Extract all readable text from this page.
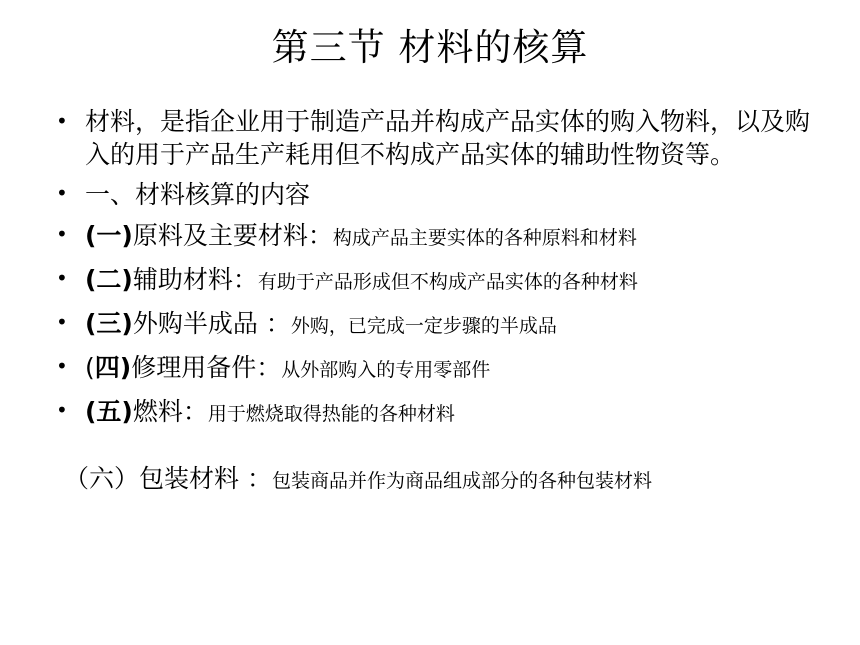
第三节 材料的核算
• 材料，是指企业用于制造产品并构成产品实体的购入物料，以及购入的用于产品生产耗用但不构成产品实体的辅助性物资等。
• 一、材料核算的内容
• (一)原料及主要材料：构成产品主要实体的各种原料和材料
• (二)辅助材料：有助于产品形成但不构成产品实体的各种材料
• (三)外购半成品 ：外购，已完成一定步骤的半成品
• (四)修理用备件：从外部购入的专用零部件
• (五)燃料：用于燃烧取得热能的各种材料
（六）包装材料 ：包装商品并作为商品组成部分的各种包装材料
